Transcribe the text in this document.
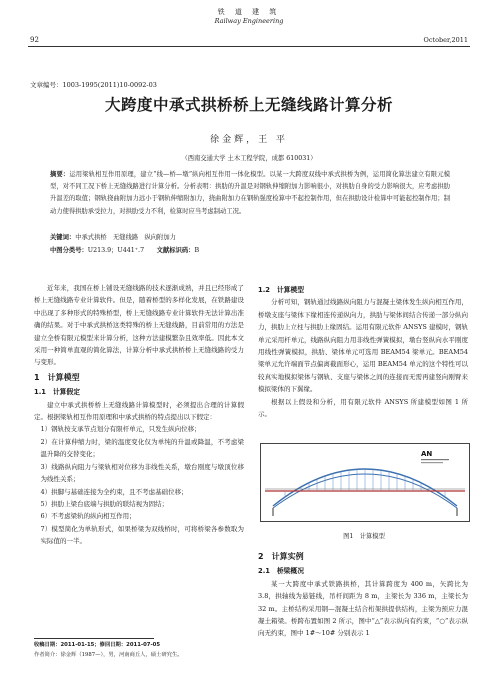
铁 道 建 筑
Railway Engineering
92	October,2011
文章编号：1003-1995(2011)10-0092-03
大跨度中承式拱桥桥上无缝线路计算分析
徐金辉，王 平
（西南交通大学 土木工程学院，成都 610031）
摘要：运用梁轨相互作用原理，建立“线—桥—墩”纵向相互作用一体化模型。以某一大跨度双线中承式拱桥为例，运用简化算法建立有限元模型，对不同工况下桥上无缝线路进行计算分析。分析表明：拱肋的升温是对钢轨伸缩附加力影响很小，对拱肋自身的受力影响很大，应考虑拱肋升温差的取值；钢轨挠曲附加力远小于钢轨伸缩附加力，挠曲附加力在钢轨强度检算中不起控制作用，但在拱肋设计检算中可能起控制作用；制动力使得拱肋承受拉力，对拱肋受力不利，检算时应当考虑制动工况。
关键词：中承式拱桥　无缝线路　纵向附加力
中图分类号：U213.9；U441⁺.7　　 文献标识码：B

近年来，我国在桥上铺设无缝线路的技术逐渐成熟，并且已经形成了桥上无缝线路专业计算软件。但是，随着桥型的多样化发展，在铁路建设中出现了多种形式的特殊桥型，桥上无缝线路专业计算软件无法计算出准确的结果。对于中承式拱桥这类特殊的桥上无缝线路，目前常用的方法是建立全桥有限元模型来计算分析，这种方法建模繁杂且效率低。因此本文采用一种简单直观的简化算法，计算分析中承式拱桥桥上无缝线路的受力与变形。

1　计算模型

1.1　计算假定

建立中承式拱桥桥上无缝线路计算模型时，必须提出合理的计算假定。根据梁轨相互作用原理和中承式拱桥的特点提出以下假定：

1）钢轨按支承节点划分有限杆单元，只发生纵向位移；

2）在计算伸缩力时，梁的温度变化仅为单纯的升温或降温，不考虑梁温升降的交替变化；

3）线路纵向阻力与梁轨相对位移为非线性关系，墩台刚度与墩顶位移为线性关系；

4）拱脚与基础连接为全约束，且不考虑基础位移；

5）拱肋上梁台底端与拱肋的联结视为固结；

6）不考虑梁轨的纵向相互作用；

7）模型简化为单轨形式，如果桥梁为双线桥时，可将桥梁各参数取为实际值的一半。

1.2　计算模型

分析可知，钢轨通过线路纵向阻力与混凝土梁体发生纵向相互作用，桥墩支座与梁体下缘相连传递纵向力，拱肋与梁体间结合传递一部分纵向力，拱肋上立柱与拱肋上缘固结。运用有限元软件 ANSYS 建模时，钢轨单元采用杆单元，线路纵向阻力用非线性弹簧模拟，墩台竖纵向水平刚度用线性弹簧模拟，拱肋、梁体单元可选用 BEAM54 梁单元。BEAM54 梁单元允许端面节点偏离截面形心，运用 BEAM54 单元的这个特性可以较真实地模拟梁体与钢轨、支座与梁体之间的连接而无需再建竖向刚臂来模拟梁体的下翼缘。

根据以上假设和分析，用有限元软件 ANSYS 所建模型如图 1 所示。

AN
图1　计算模型

2　计算实例

2.1　桥梁概况

某一大跨度中承式铁路拱桥，其计算跨度为 400 m，矢跨比为 3.8，拱轴线为悬链线，吊杆间距为 8 m，主梁长为 336 m，主梁长为 32 m。主桥结构采用钢—混凝土结合桁架拱提供结构，主梁为预应力混凝土箱梁。桥跨布置如图 2 所示，图中“△”表示纵向有约束，“○”表示纵向无约束，图中 1#～10# 分别表示 1

收稿日期：2011-01-15；修回日期：2011-07-05
作者简介：徐金辉（1987—），男，河南商丘人，硕士研究生。
